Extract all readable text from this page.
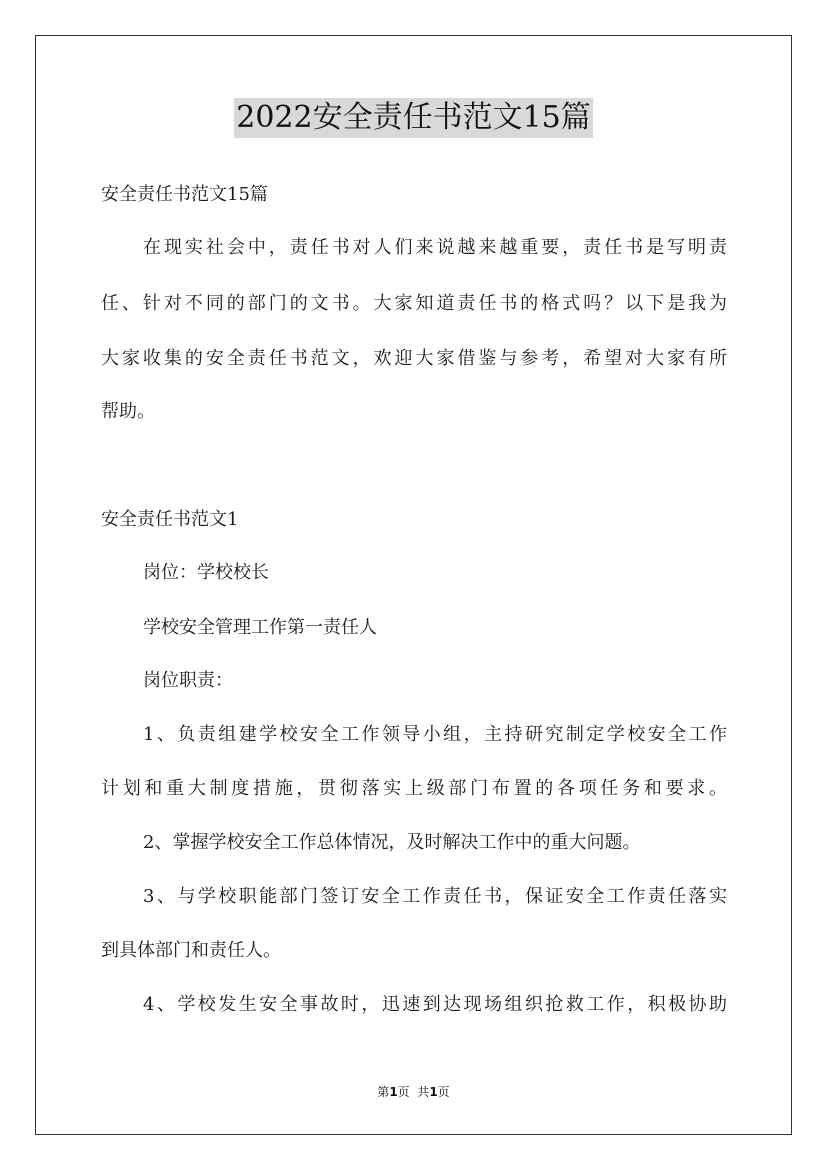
2022安全责任书范文15篇
安全责任书范文15篇
在现实社会中，责任书对人们来说越来越重要，责任书是写明责
任、针对不同的部门的文书。大家知道责任书的格式吗？以下是我为
大家收集的安全责任书范文，欢迎大家借鉴与参考，希望对大家有所
帮助。
安全责任书范文1
岗位：学校校长
学校安全管理工作第一责任人
岗位职责：
1、负责组建学校安全工作领导小组，主持研究制定学校安全工作
计划和重大制度措施，贯彻落实上级部门布置的各项任务和要求。
2、掌握学校安全工作总体情况，及时解决工作中的重大问题。
3、与学校职能部门签订安全工作责任书，保证安全工作责任落实
到具体部门和责任人。
4、学校发生安全事故时，迅速到达现场组织抢救工作，积极协助
第1页  共1页
